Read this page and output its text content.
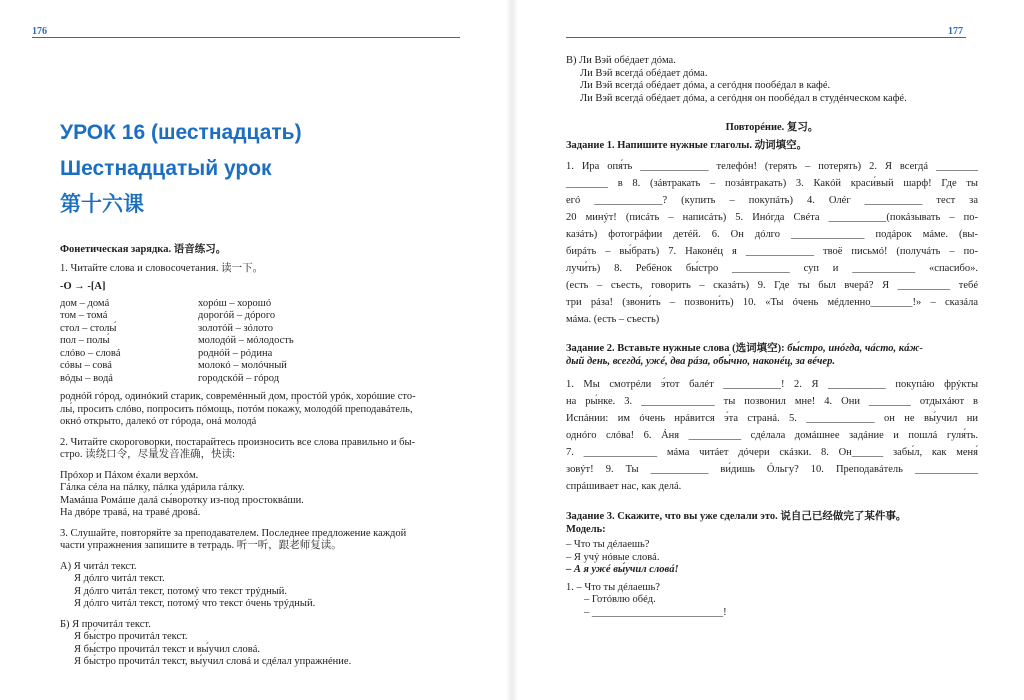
176
УРОК 16 (шестнадцать)
Шестнадцатый урок
第十六课
Фонетическая зарядка. 语音练习。
1. Читайте слова и словосочетания. 读一下。
-О → -[А]
дом – домá	хорóш – хорошó
том – томá	дорогóй – дóрого
стол – столы́	золотóй – зóлото
пол – полы́	молодóй – мóлодость
слóво – словá	роднóй – рóдина
сóвы – совá	молокó – молóчный
вóды – водá	городскóй – гóрод
роднóй гóрод, одинóкий старик, совремéнный дом, простóй урóк, хорóшие сто-
лы́, просить слóво, попросить пóмощь, потóм покажу́, молодóй преподавáтель,
окнó открыто, далекó от гóрода, онá молодá
2. Читайте скороговорки, постарайтесь произносить все слова правильно и бы-
стро. 读绕口令，尽量发音准确，快读:
Прóхор и Пáхом éхали верхóм.
Гáлка сéла на пáлку, пáлка удáрила гáлку.
Мамáша Ромáше далá сы́воротку из-под простоквáши.
На двóре травá, на травé дровá.
3. Слушайте, повторяйте за преподавателем. Последнее предложение каждой
части упражнения запишите в тетрадь. 听一听，跟老师复读。
А) Я читáл текст.
Я дóлго читáл текст.
Я дóлго читáл текст, потомý что текст трýдный.
Я дóлго читáл текст, потомý что текст óчень трýдный.
Б) Я прочитáл текст.
Я бы́стро прочитáл текст.
Я бы́стро прочитáл текст и вы́учил словá.
Я бы́стро прочитáл текст, вы́учил словá и сдéлал упражнéние.
177
В) Ли Вэй обéдает дóма.
Ли Вэй всегдá обéдает дóма.
Ли Вэй всегдá обéдает дóма, а сегóдня пообéдал в кафé.
Ли Вэй всегдá обéдает дóма, а сегóдня он пообéдал в студéнческом кафé.
Повторéние. 复习。
Задание 1. Напишите нужные глаголы. 动词填空。
1. Ира опя́ть _____________ телефóн! (терять – потерять) 2. Я всегдá ________
________ в 8. (зáвтракать – позáвтракать) 3. Какóй краси́вый шарф! Где ты
егó _____________? (купить – покупáть) 4. Олéг ___________ тест за
20 минýт! (писáть – написáть) 5. Инóгда Свéта ___________(покáзывать – по-
казáть) фотогрáфии детéй. 6. Он дóлго ______________ подáрок мáме. (вы-
бирáть – вы́брать) 7. Наконéц я _____________ твоё письмó! (получáть – по-
лучи́ть) 8. Ребёнок бы́стро ___________ суп и ____________ «спасибо».
(есть – съесть, говорить – сказáть) 9. Где ты был вчерá? Я __________ тебé
три рáза! (звони́ть – позвони́ть) 10. «Ты óчень мéдленно________!» – сказáла
мáма. (есть – съесть)
Задание 2. Вставьте нужные слова (选词填空): бы́стро, инóгда, чáсто, кáж-
дый день, всегдá, ужé, два рáза, обы́чно, наконéц, за вéчер.
1. Мы смотрéли э́тот балéт ___________! 2. Я ___________ покупáю фрýкты
на ры́нке. 3. ______________ ты позвонил мне! 4. Они ________ отдыхáют в
Испáнии: им óчень нрáвится э́та странá. 5. _____________ он не вы́учил ни
однóго слóва! 6. Áня __________ сдéлала домáшнее задáние и пошлá гуля́ть.
7. ______________ мáма читáет дóчери скáзки. 8. Он______ забы́л, как меня́
зовýт! 9. Ты ___________ ви́дишь Óльгу? 10. Преподавáтель ____________
спрáшивает нас, как делá.
Задание 3. Скажите, что вы уже сделали это. 说自己已经做完了某件事。
Модель:
– Что ты дéлаешь?
– Я учý нóвые словá.
– А я ужé вы́учил словá!
1. – Что ты дéлаешь?
– Готóвлю обéд.
– _________________________!
